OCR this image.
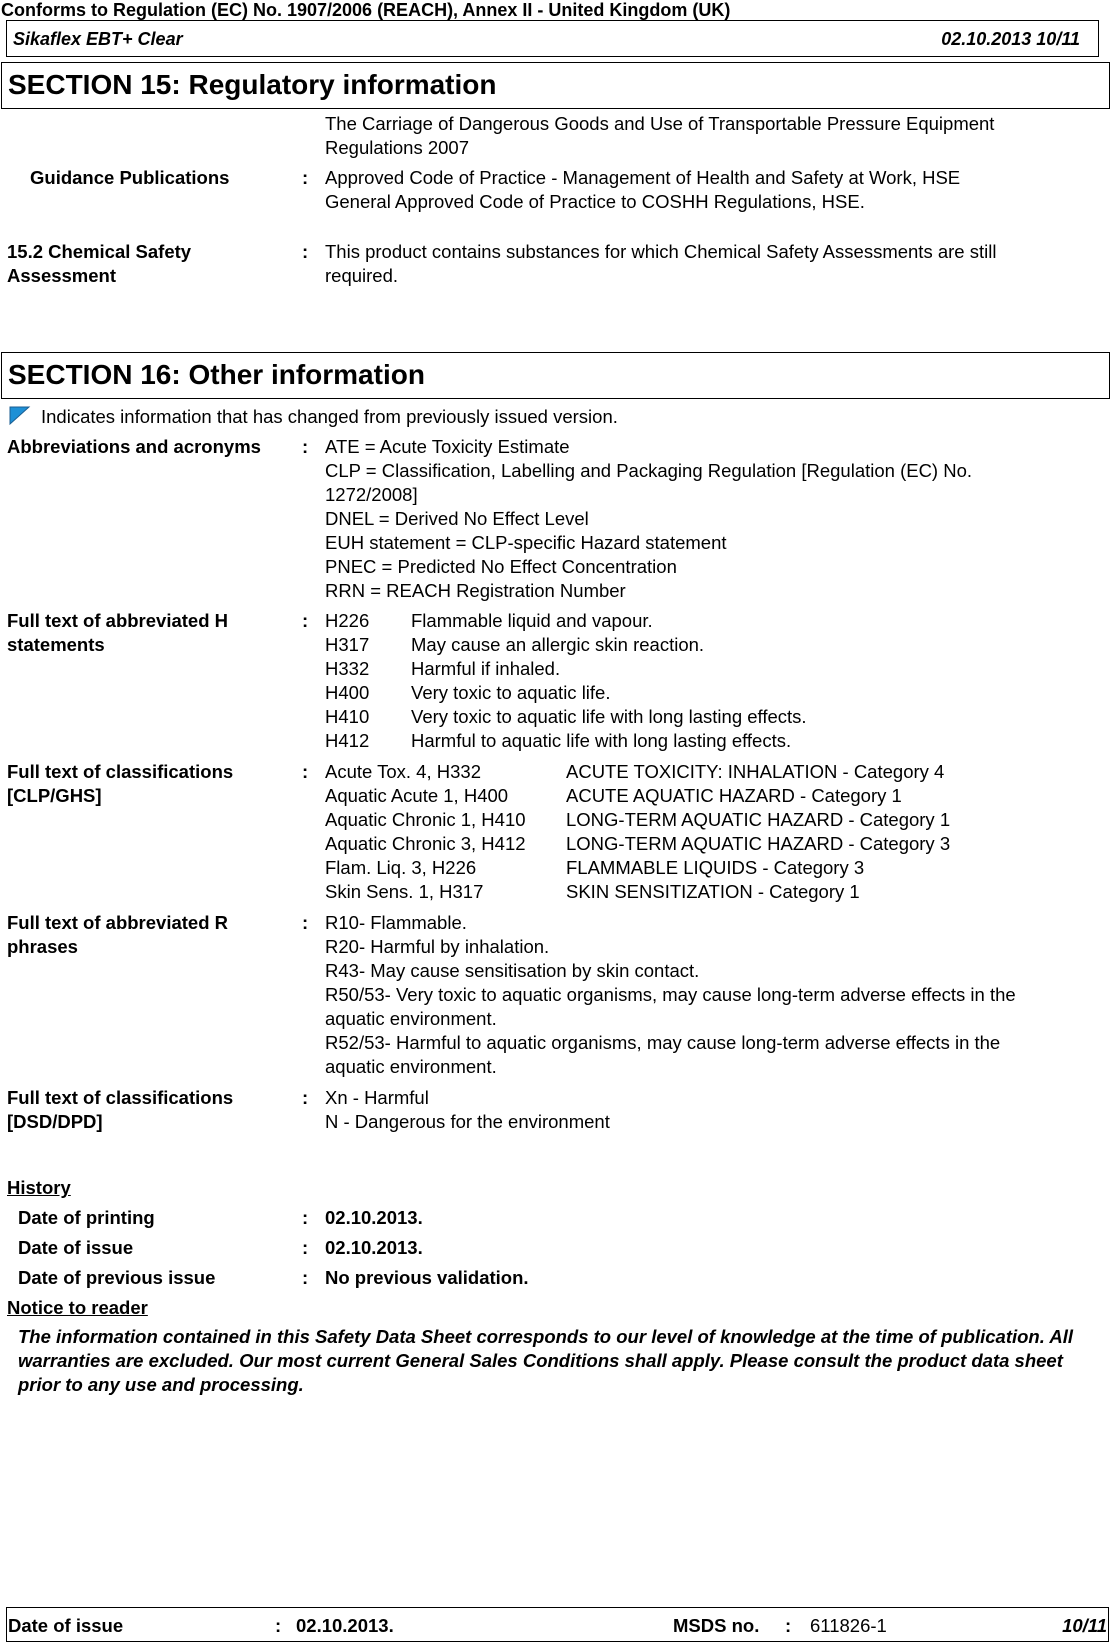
Conforms to Regulation (EC) No. 1907/2006 (REACH), Annex II - United Kingdom (UK)
Sikaflex EBT+ Clear	02.10.2013 10/11
SECTION 15: Regulatory information
The Carriage of Dangerous Goods and Use of Transportable Pressure Equipment
Regulations 2007
Guidance Publications	: Approved Code of Practice - Management of Health and Safety at Work, HSE
General Approved Code of Practice to COSHH Regulations, HSE.
15.2 Chemical Safety
Assessment
: This product contains substances for which Chemical Safety Assessments are still
required.
SECTION 16: Other information
Indicates information that has changed from previously issued version.
Abbreviations and acronyms : ATE = Acute Toxicity Estimate
CLP = Classification, Labelling and Packaging Regulation [Regulation (EC) No.
1272/2008]
DNEL = Derived No Effect Level
EUH statement = CLP-specific Hazard statement
PNEC = Predicted No Effect Concentration
RRN = REACH Registration Number
Full text of abbreviated H
statements
: H226 Flammable liquid and vapour.
H317 May cause an allergic skin reaction.
H332 Harmful if inhaled.
H400 Very toxic to aquatic life.
H410 Very toxic to aquatic life with long lasting effects.
H412 Harmful to aquatic life with long lasting effects.
Full text of classifications
[CLP/GHS]
: Acute Tox. 4, H332	ACUTE TOXICITY: INHALATION - Category 4
Aquatic Acute 1, H400	ACUTE AQUATIC HAZARD - Category 1
Aquatic Chronic 1, H410 LONG-TERM AQUATIC HAZARD - Category 1
Aquatic Chronic 3, H412 LONG-TERM AQUATIC HAZARD - Category 3
Flam. Liq. 3, H226	FLAMMABLE LIQUIDS - Category 3
Skin Sens. 1, H317	SKIN SENSITIZATION - Category 1
Full text of abbreviated R
phrases
: R10- Flammable.
R20- Harmful by inhalation.
R43- May cause sensitisation by skin contact.
R50/53- Very toxic to aquatic organisms, may cause long-term adverse effects in the
aquatic environment.
R52/53- Harmful to aquatic organisms, may cause long-term adverse effects in the
aquatic environment.
Full text of classifications
[DSD/DPD]
: Xn - Harmful
N - Dangerous for the environment
History
Date of printing	: 02.10.2013.
Date of issue	: 02.10.2013.
Date of previous issue	: No previous validation.
Notice to reader
The information contained in this Safety Data Sheet corresponds to our level of knowledge at the time of publication. All warranties are excluded. Our most current General Sales Conditions shall apply. Please consult the product data sheet prior to any use and processing.
Date of issue	: 02.10.2013.	MSDS no. : 611826-1	10/11
